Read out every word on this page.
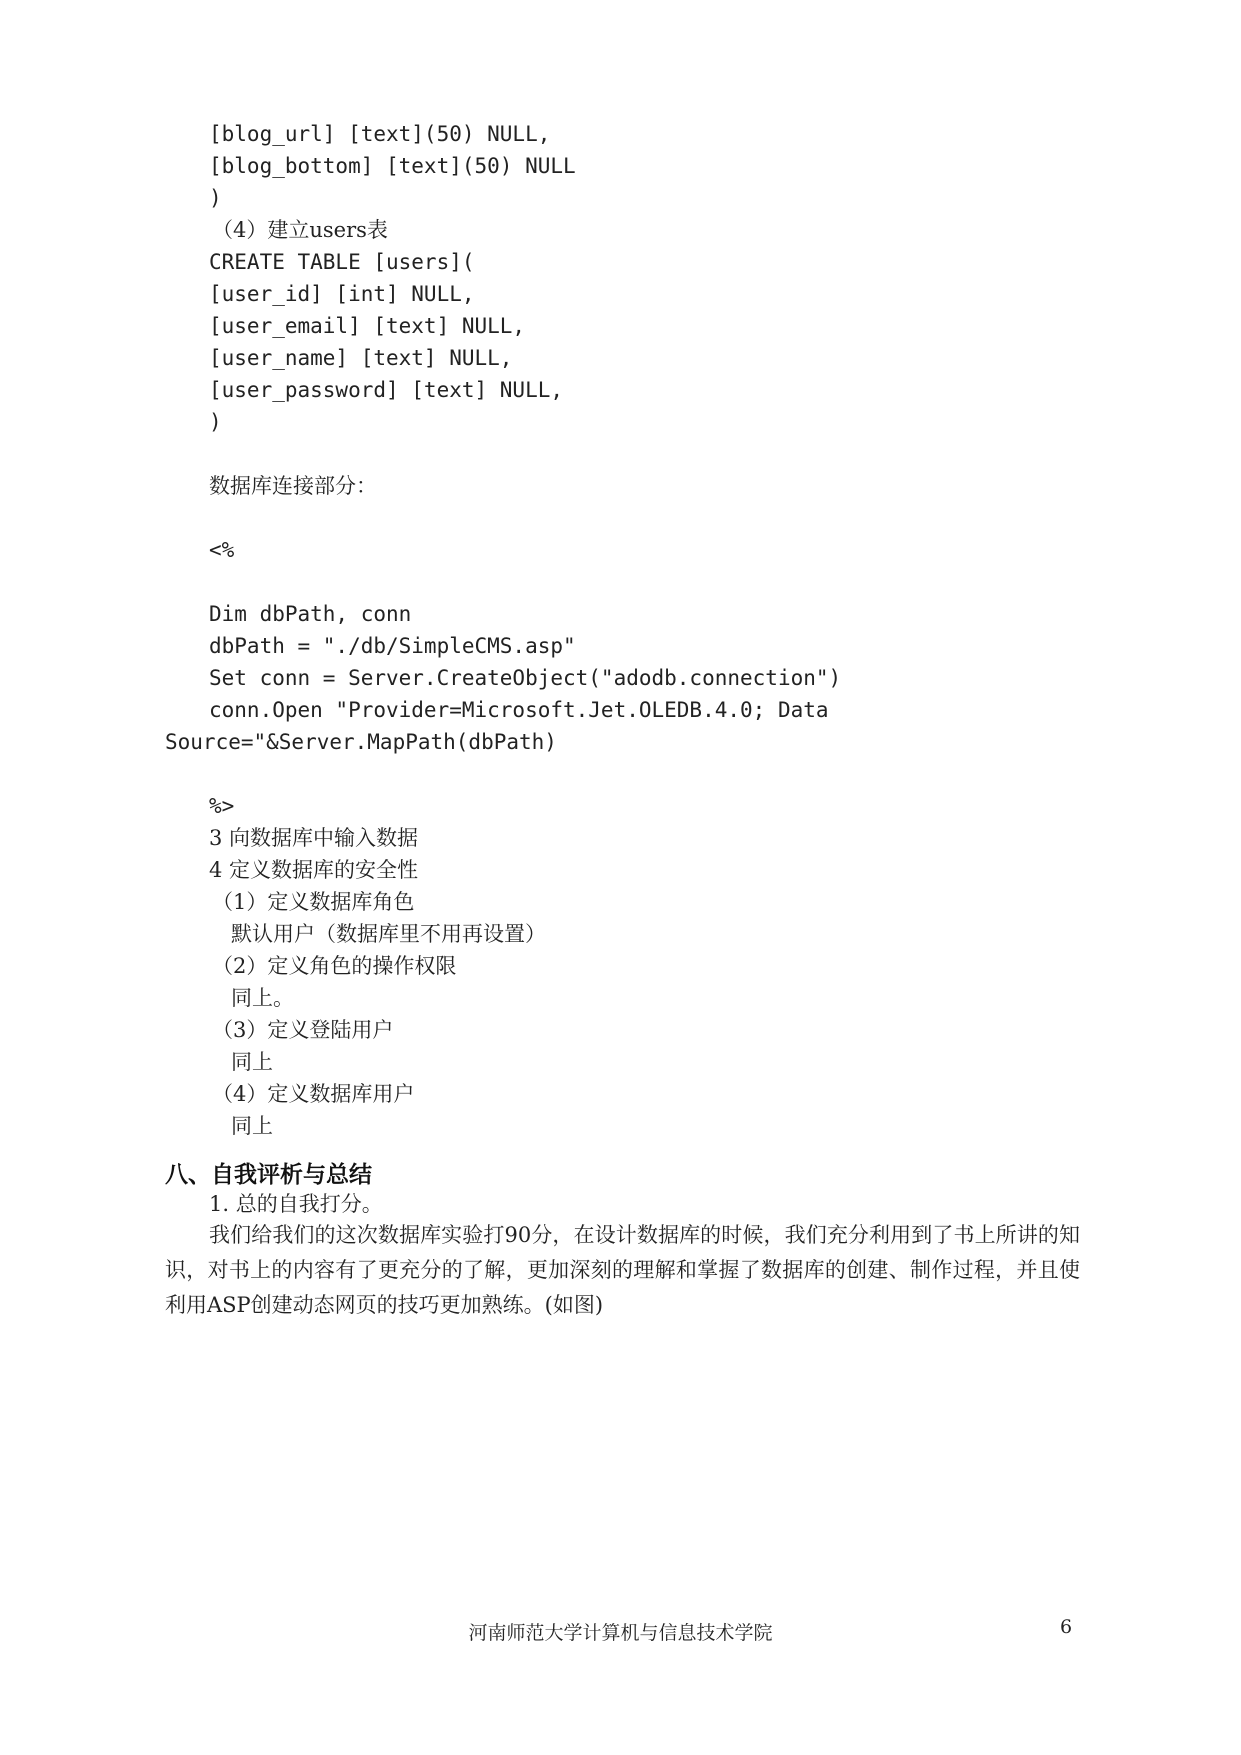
[blog_url] [text](50) NULL,
[blog_bottom] [text](50) NULL
)
（4）建立users表
CREATE TABLE [users](
[user_id] [int] NULL,
[user_email] [text] NULL,
[user_name] [text] NULL,
[user_password] [text] NULL,
)
数据库连接部分：
<%
Dim dbPath, conn
dbPath = "./db/SimpleCMS.asp"
Set conn = Server.CreateObject("adodb.connection")
conn.Open "Provider=Microsoft.Jet.OLEDB.4.0; Data
Source="&Server.MapPath(dbPath)
%>
3 向数据库中输入数据
4 定义数据库的安全性
（1）定义数据库角色
默认用户（数据库里不用再设置）
（2）定义角色的操作权限
同上。
（3）定义登陆用户
同上
（4）定义数据库用户
同上
八、自我评析与总结
1. 总的自我打分。
我们给我们的这次数据库实验打90分，在设计数据库的时候，我们充分利用到了书上所讲的知识，对书上的内容有了更充分的了解，更加深刻的理解和掌握了数据库的创建、制作过程，并且使利用ASP创建动态网页的技巧更加熟练。(如图)
河南师范大学计算机与信息技术学院	6
